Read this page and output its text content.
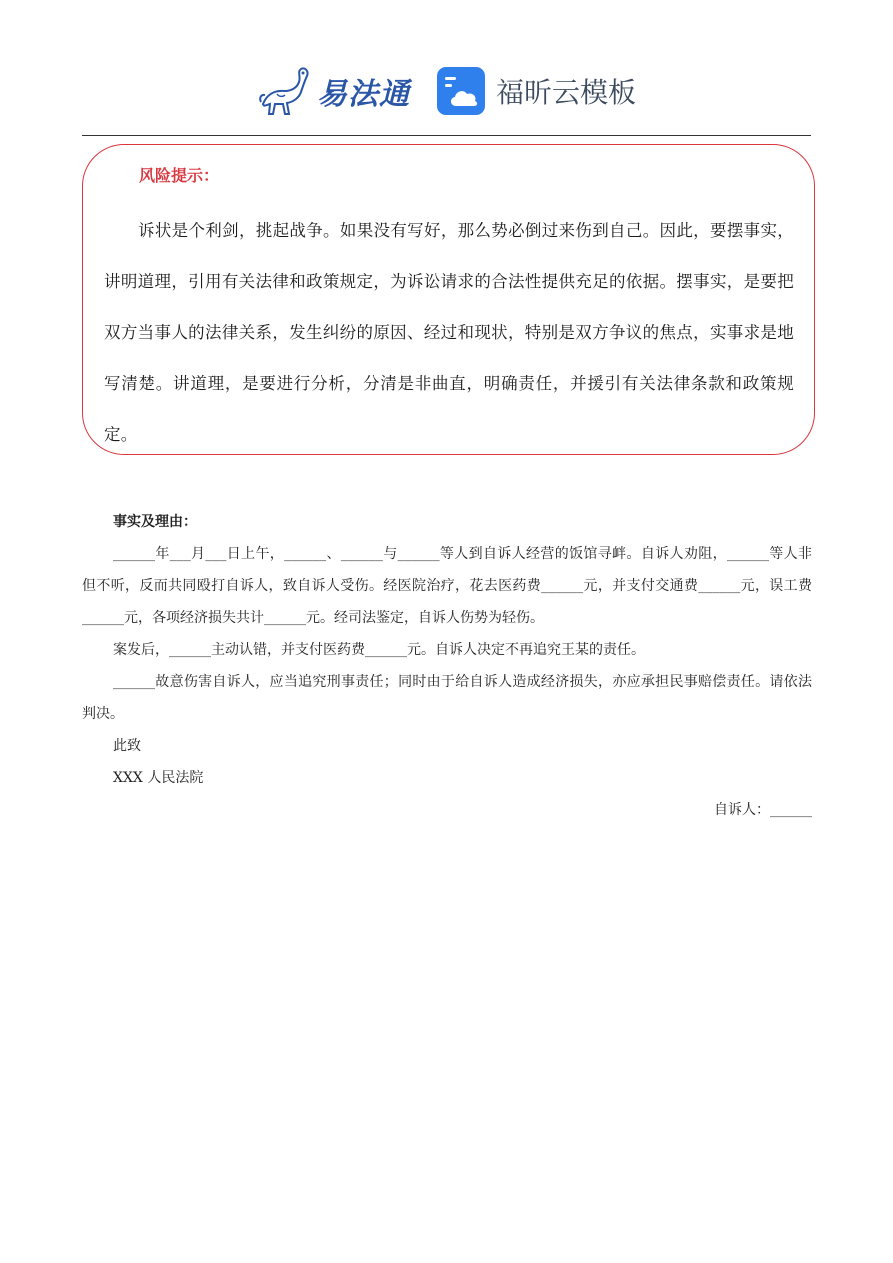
易法通	福昕云模板
风险提示：
诉状是个利剑，挑起战争。如果没有写好，那么势必倒过来伤到自己。因此，要摆事实，讲明道理，引用有关法律和政策规定，为诉讼请求的合法性提供充足的依据。摆事实，是要把双方当事人的法律关系，发生纠纷的原因、经过和现状，特别是双方争议的焦点，实事求是地写清楚。讲道理，是要进行分析，分清是非曲直，明确责任，并援引有关法律条款和政策规定。

事实及理由：

______年___月___日上午，______、______与______等人到自诉人经营的饭馆寻衅。自诉人劝阻，______等人非但不听，反而共同殴打自诉人，致自诉人受伤。经医院治疗，花去医药费______元，并支付交通费______元，误工费______元，各项经济损失共计______元。经司法鉴定，自诉人伤势为轻伤。

案发后，______主动认错，并支付医药费______元。自诉人决定不再追究王某的责任。

______故意伤害自诉人，应当追究刑事责任；同时由于给自诉人造成经济损失，亦应承担民事赔偿责任。请依法判决。

此致

XXX 人民法院

自诉人：______
